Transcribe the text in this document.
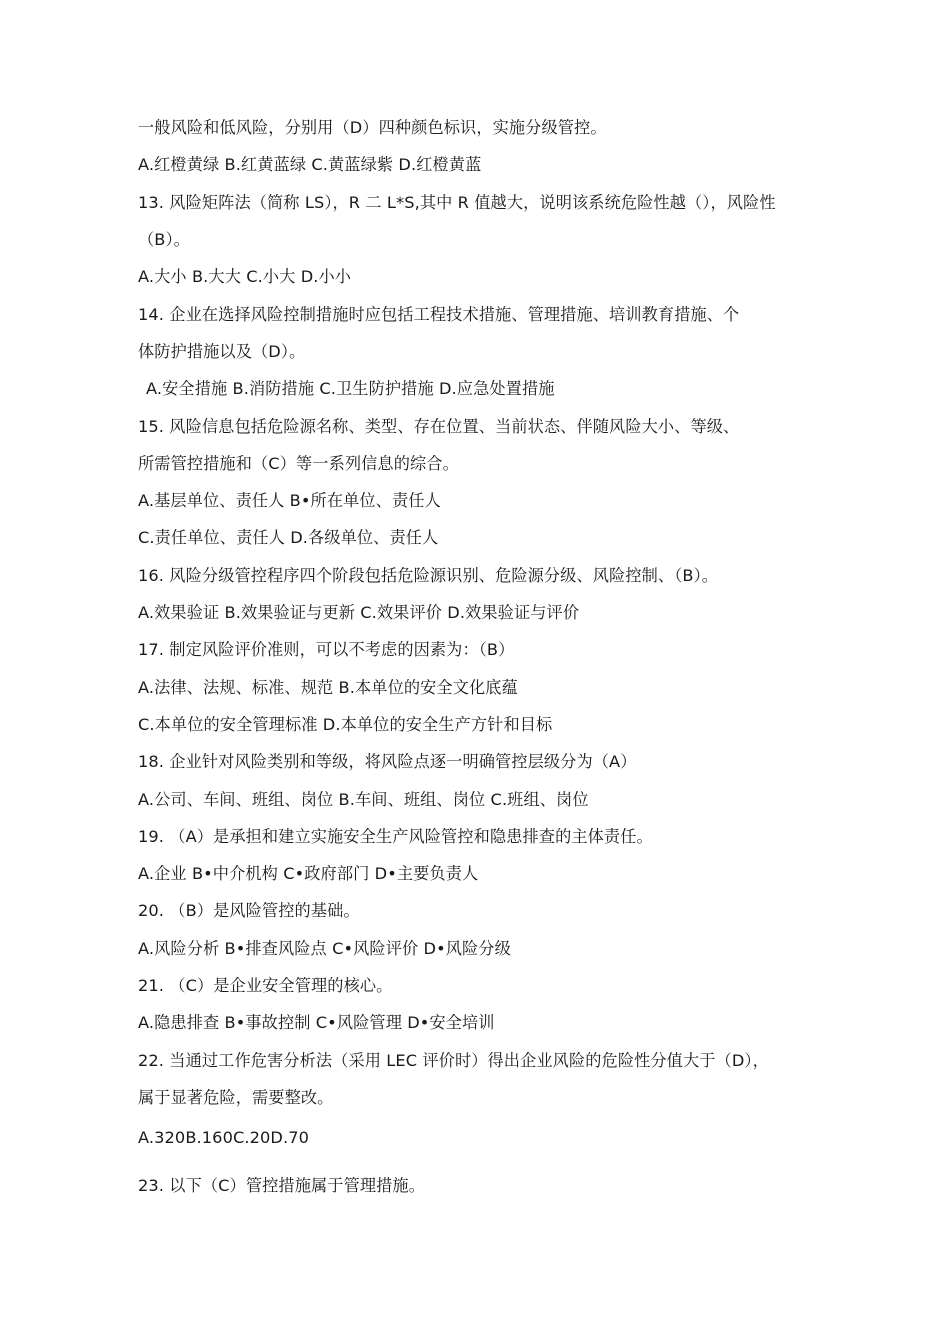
一般风险和低风险，分别用（D）四种颜色标识，实施分级管控。
A.红橙黄绿 B.红黄蓝绿 C.黄蓝绿紫 D.红橙黄蓝
13. 风险矩阵法（简称 LS），R 二 L*S,其中 R 值越大，说明该系统危险性越（），风险性
（B）。
A.大小 B.大大 C.小大 D.小小
14. 企业在选择风险控制措施时应包括工程技术措施、管理措施、培训教育措施、个
体防护措施以及（D）。
A.安全措施 B.消防措施 C.卫生防护措施 D.应急处置措施
15. 风险信息包括危险源名称、类型、存在位置、当前状态、伴随风险大小、等级、
所需管控措施和（C）等一系列信息的综合。
A.基层单位、责任人 B•所在单位、责任人
C.责任单位、责任人 D.各级单位、责任人
16. 风险分级管控程序四个阶段包括危险源识别、危险源分级、风险控制、（B）。
A.效果验证 B.效果验证与更新 C.效果评价 D.效果验证与评价
17. 制定风险评价准则，可以不考虑的因素为：（B）
A.法律、法规、标准、规范 B.本单位的安全文化底蕴
C.本单位的安全管理标准 D.本单位的安全生产方针和目标
18. 企业针对风险类别和等级，将风险点逐一明确管控层级分为（A）
A.公司、车间、班组、岗位 B.车间、班组、岗位 C.班组、岗位
19. （A）是承担和建立实施安全生产风险管控和隐患排查的主体责任。
A.企业 B•中介机构 C•政府部门 D•主要负责人
20. （B）是风险管控的基础。
A.风险分析 B•排查风险点 C•风险评价 D•风险分级
21. （C）是企业安全管理的核心。
A.隐患排查 B•事故控制 C•风险管理 D•安全培训
22. 当通过工作危害分析法（采用 LEC 评价时）得出企业风险的危险性分值大于（D），
属于显著危险，需要整改。
A.320B.160C.20D.70
23. 以下（C）管控措施属于管理措施。
